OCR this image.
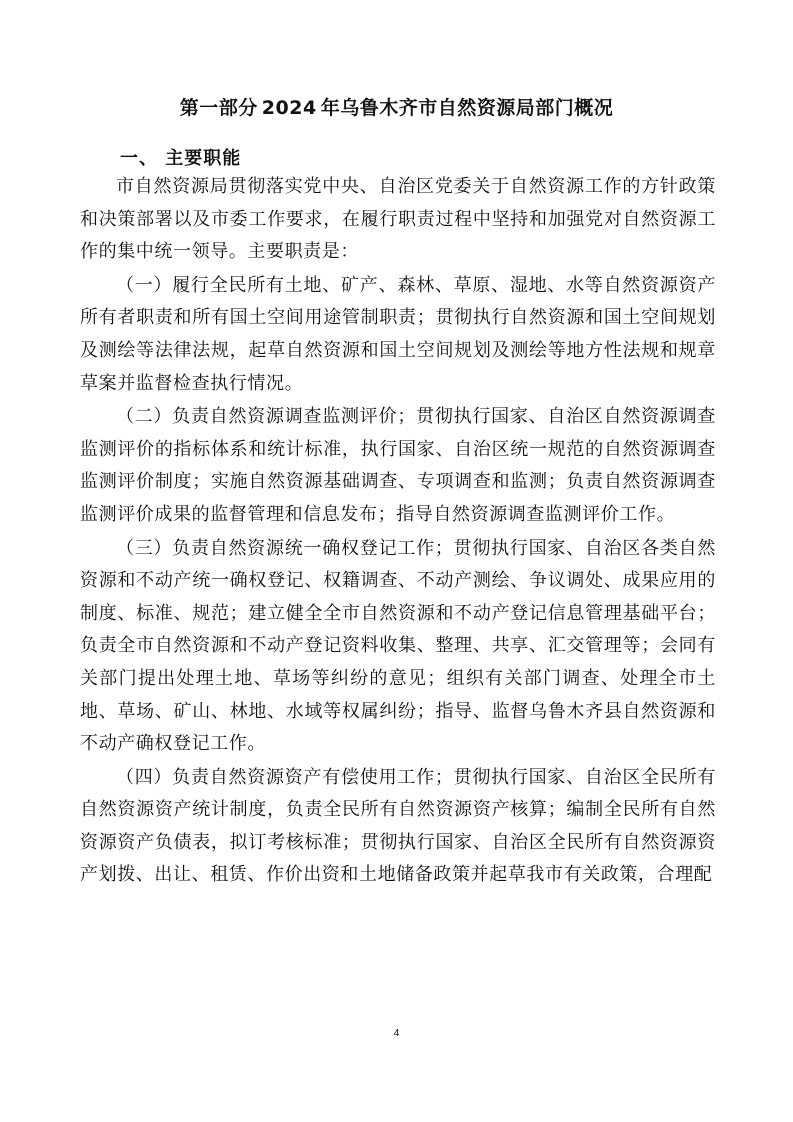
第一部分 2024 年乌鲁木齐市自然资源局部门概况
一、 主要职能

市自然资源局贯彻落实党中央、自治区党委关于自然资源工作的方针政策和决策部署以及市委工作要求，在履行职责过程中坚持和加强党对自然资源工作的集中统一领导。主要职责是：

（一）履行全民所有土地、矿产、森林、草原、湿地、水等自然资源资产所有者职责和所有国土空间用途管制职责；贯彻执行自然资源和国土空间规划及测绘等法律法规，起草自然资源和国土空间规划及测绘等地方性法规和规章草案并监督检查执行情况。

（二）负责自然资源调查监测评价；贯彻执行国家、自治区自然资源调查监测评价的指标体系和统计标准，执行国家、自治区统一规范的自然资源调查监测评价制度；实施自然资源基础调查、专项调查和监测；负责自然资源调查监测评价成果的监督管理和信息发布；指导自然资源调查监测评价工作。

（三）负责自然资源统一确权登记工作；贯彻执行国家、自治区各类自然资源和不动产统一确权登记、权籍调查、不动产测绘、争议调处、成果应用的制度、标准、规范；建立健全全市自然资源和不动产登记信息管理基础平台；负责全市自然资源和不动产登记资料收集、整理、共享、汇交管理等；会同有关部门提出处理土地、草场等纠纷的意见；组织有关部门调查、处理全市土地、草场、矿山、林地、水域等权属纠纷；指导、监督乌鲁木齐县自然资源和不动产确权登记工作。

（四）负责自然资源资产有偿使用工作；贯彻执行国家、自治区全民所有自然资源资产统计制度，负责全民所有自然资源资产核算；编制全民所有自然资源资产负债表，拟订考核标准；贯彻执行国家、自治区全民所有自然资源资产划拨、出让、租赁、作价出资和土地储备政策并起草我市有关政策，合理配

4
